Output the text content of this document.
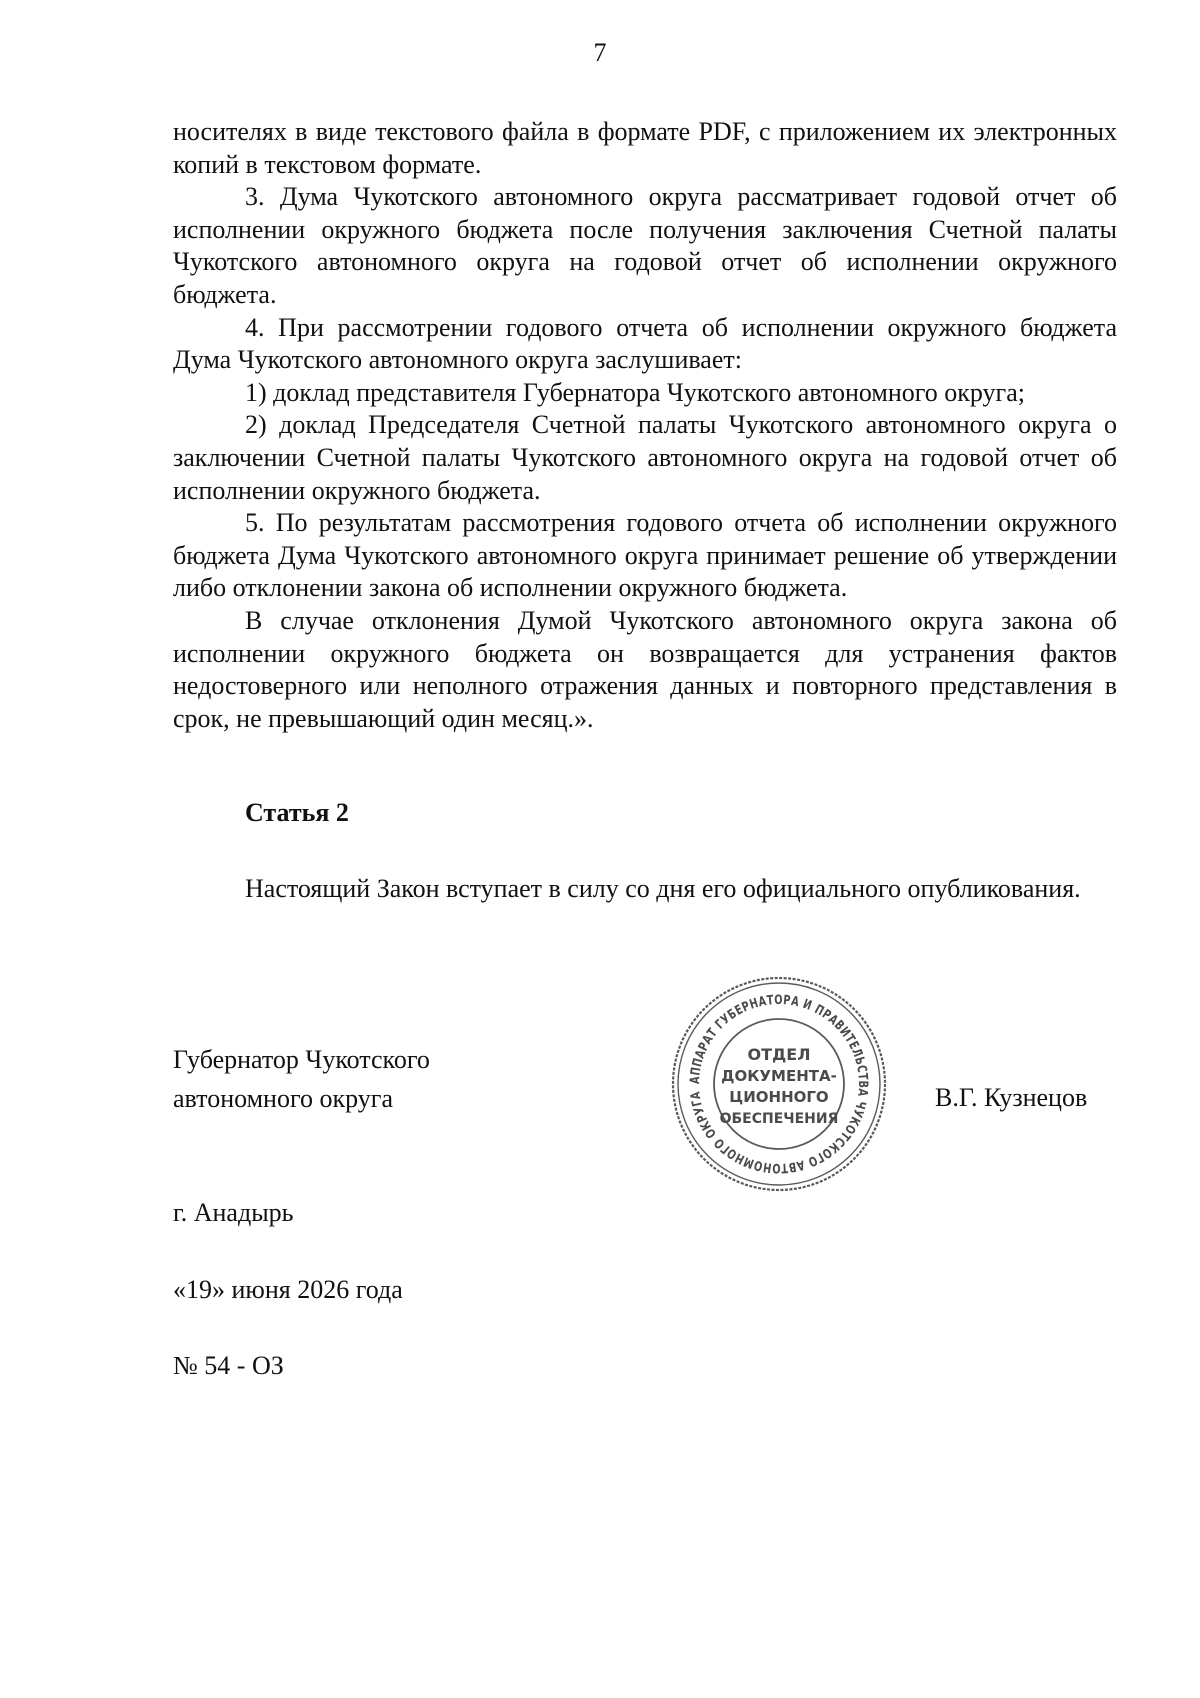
7

носителях в виде текстового файла в формате PDF, с приложением их электронных копий в текстовом формате.

3. Дума Чукотского автономного округа рассматривает годовой отчет об исполнении окружного бюджета после получения заключения Счетной палаты Чукотского автономного округа на годовой отчет об исполнении окружного бюджета.

4. При рассмотрении годового отчета об исполнении окружного бюджета Дума Чукотского автономного округа заслушивает:

1) доклад представителя Губернатора Чукотского автономного округа;

2) доклад Председателя Счетной палаты Чукотского автономного округа о заключении Счетной палаты Чукотского автономного округа на годовой отчет об исполнении окружного бюджета.

5. По результатам рассмотрения годового отчета об исполнении окружного бюджета Дума Чукотского автономного округа принимает решение об утверждении либо отклонении закона об исполнении окружного бюджета.

В случае отклонения Думой Чукотского автономного округа закона об исполнении окружного бюджета он возвращается для устранения фактов недостоверного или неполного отражения данных и повторного представления в срок, не превышающий один месяц.».

Статья 2
Настоящий Закон вступает в силу со дня его официального опубликования.
Губернатор Чукотского
автономного округа
АППАРАТ ГУБЕРНАТОРА И ПРАВИТЕЛЬСТВА ЧУКОТСКОГО АВТОНОМНОГО ОКРУГА
ОТДЕЛ
ДОКУМЕНТА-
ЦИОННОГО
ОБЕСПЕЧЕНИЯ
В.Г. Кузнецов
г. Анадырь
«19» июня 2026 года
№ 54 - ОЗ
